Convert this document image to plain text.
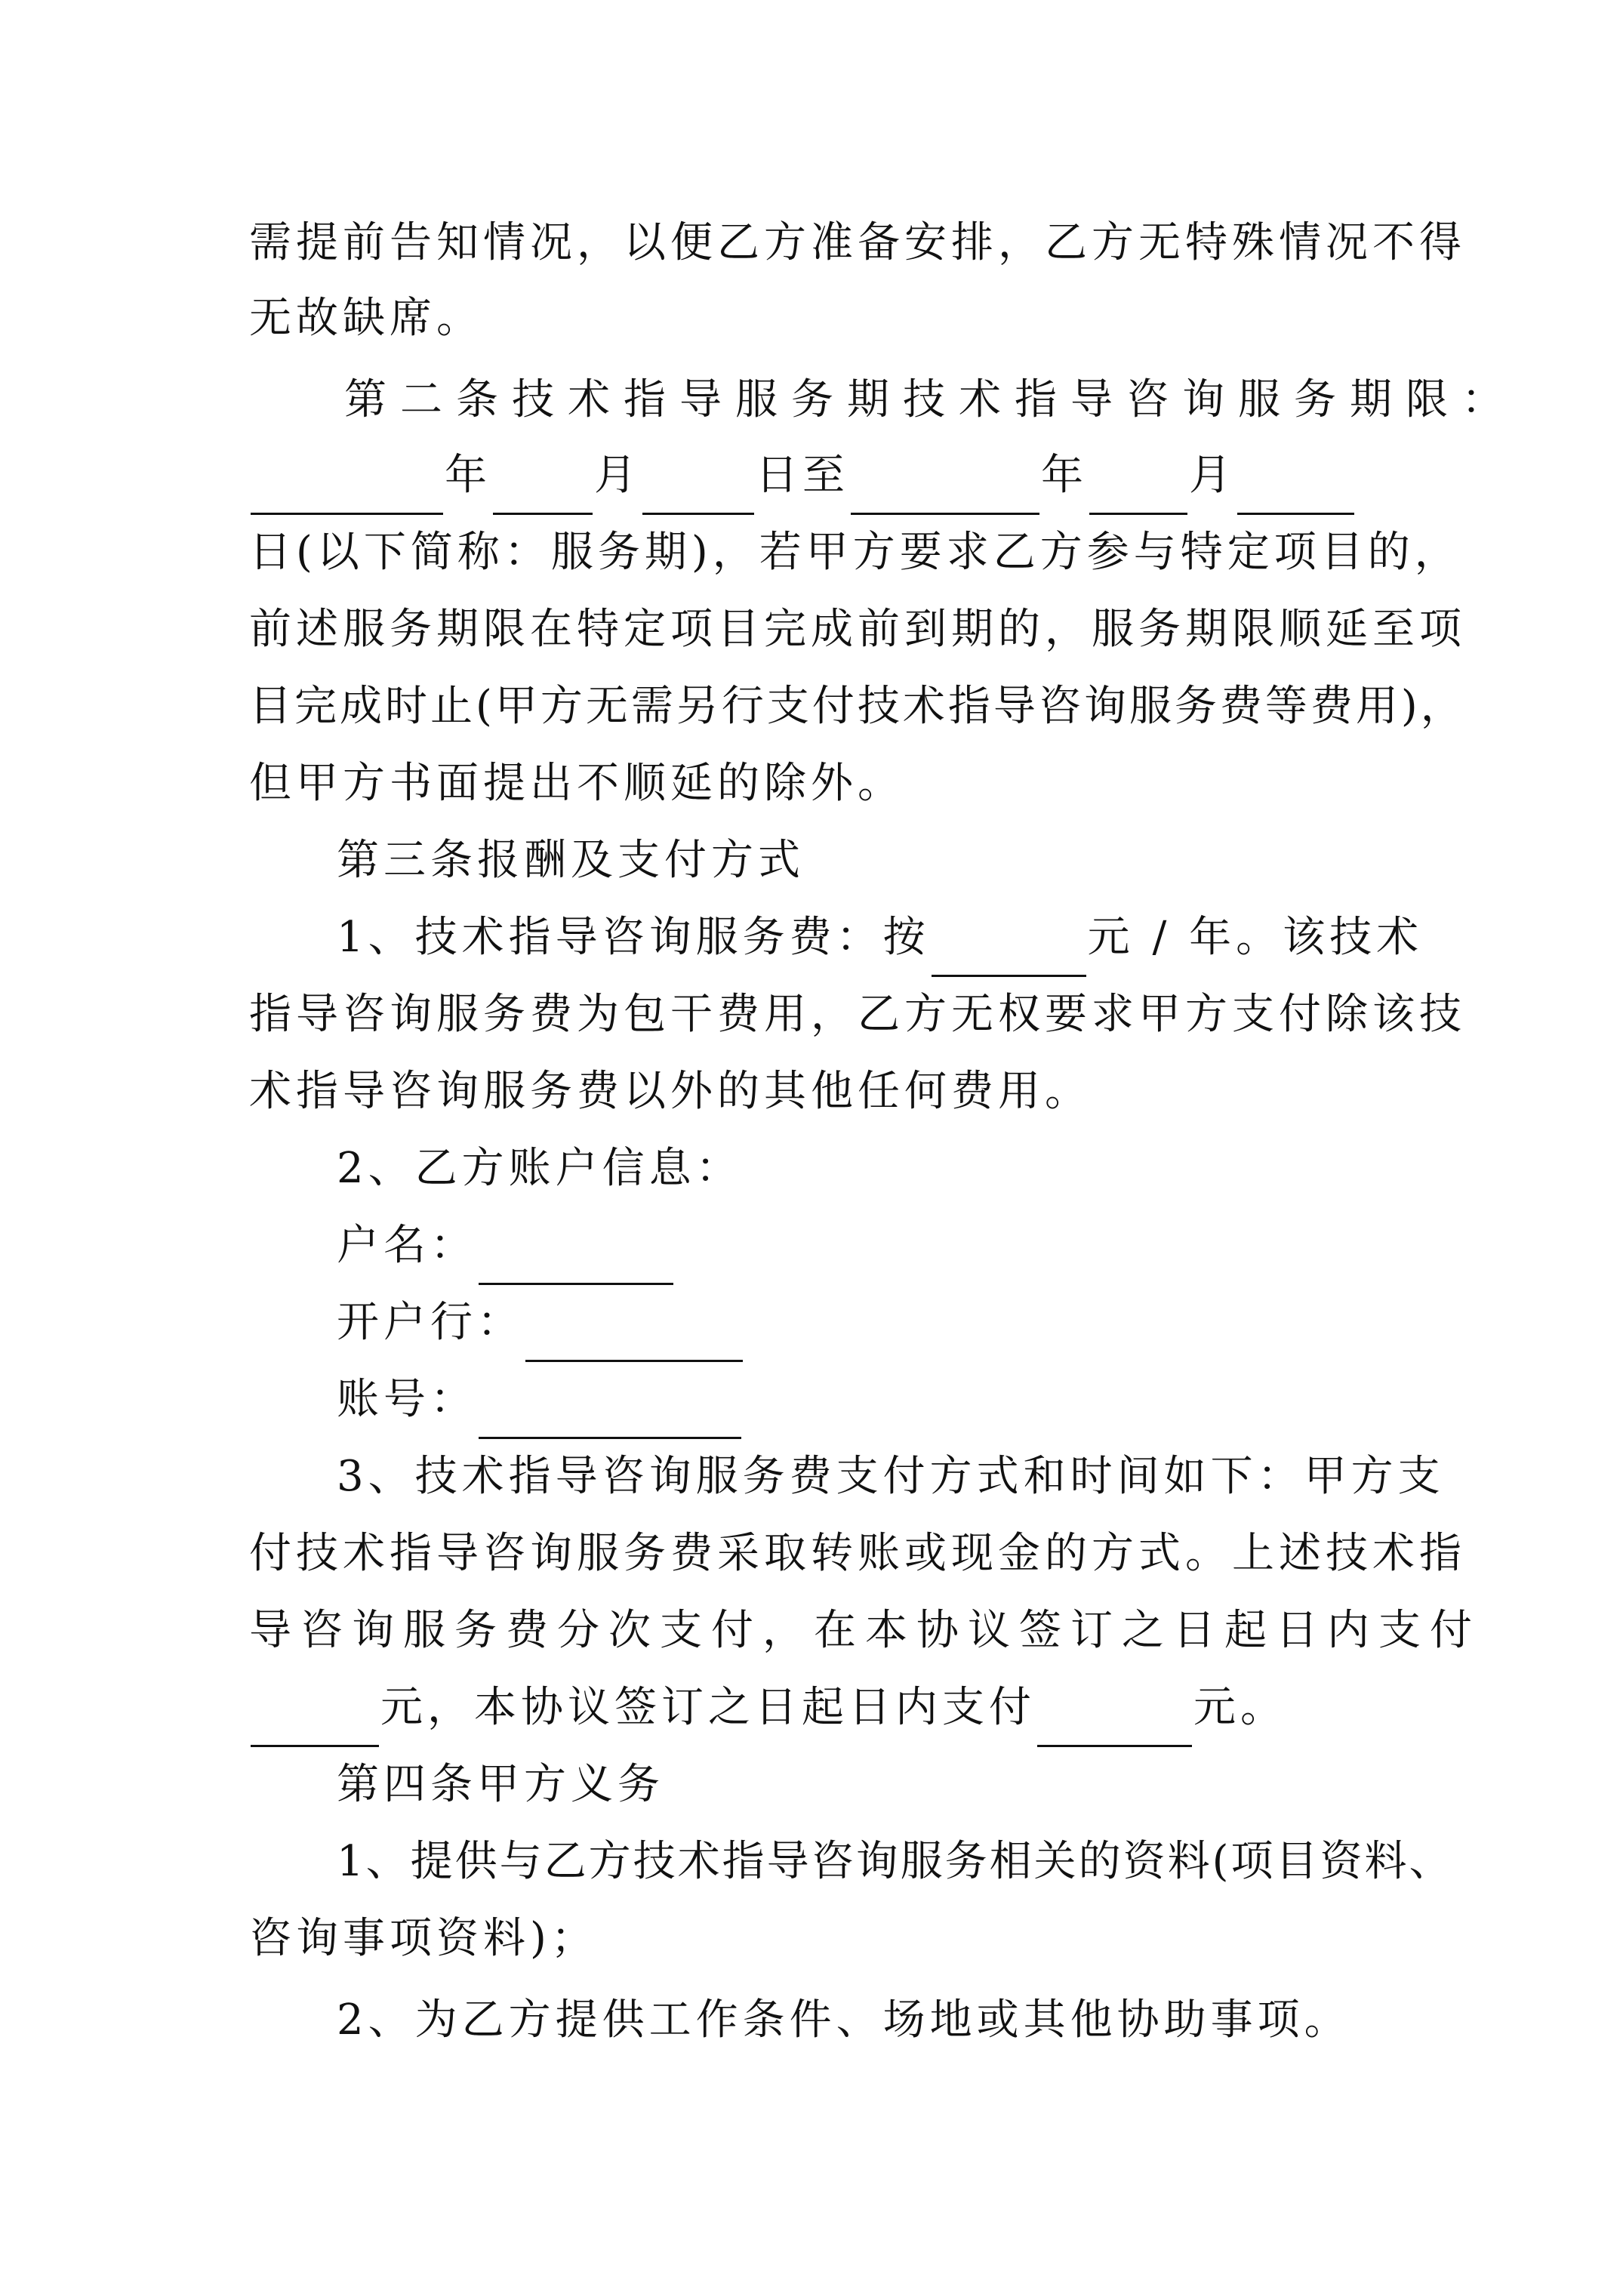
需提前告知情况，以便乙方准备安排，乙方无特殊情况不得
无故缺席。
第二条技术指导服务期技术指导咨询服务期限：
年 月	日至	年 月
日(以下简称：服务期)，若甲方要求乙方参与特定项目的，
前述服务期限在特定项目完成前到期的，服务期限顺延至项
目完成时止(甲方无需另行支付技术指导咨询服务费等费用)，
但甲方书面提出不顺延的除外。
第三条报酬及支付方式
1、技术指导咨询服务费：按	元 / 年。该技术
指导咨询服务费为包干费用，乙方无权要求甲方支付除该技
术指导咨询服务费以外的其他任何费用。
2、乙方账户信息：
户名：
开户行：
账号：
3、技术指导咨询服务费支付方式和时间如下：甲方支
付技术指导咨询服务费采取转账或现金的方式。上述技术指
导咨询服务费分次支付，在本协议签订之日起日内支付
元，本协议签订之日起日内支付	元。
第四条甲方义务
1、提供与乙方技术指导咨询服务相关的资料(项目资料、
咨询事项资料)；
2、为乙方提供工作条件、场地或其他协助事项。
